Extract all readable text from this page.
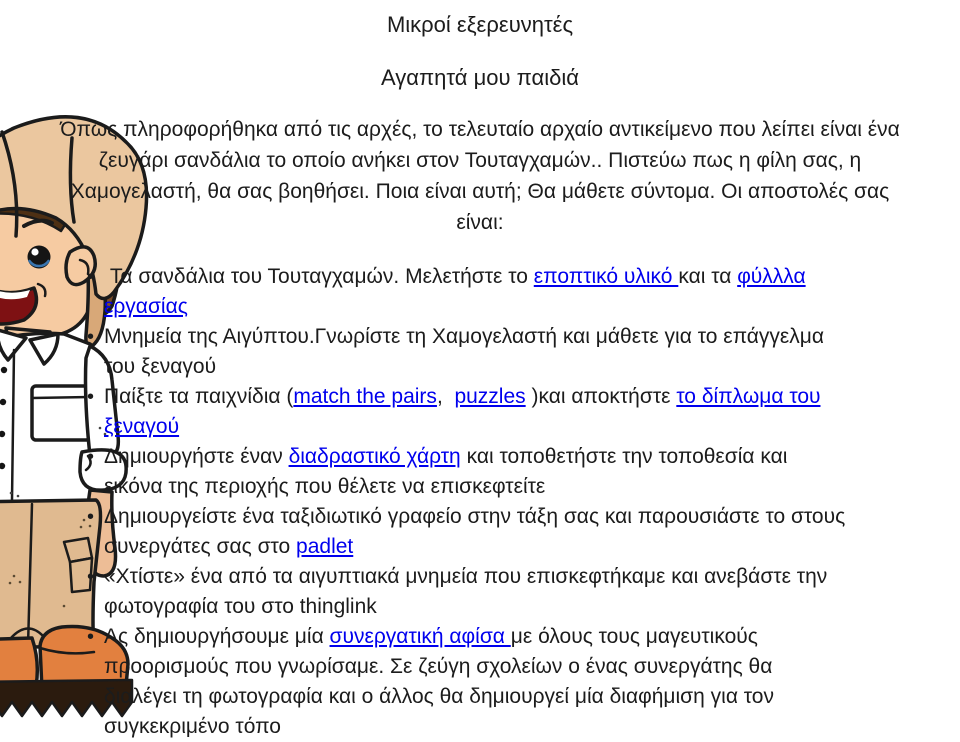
Μικροί εξερευνητές
Αγαπητά μου παιδιά

Όπως πληροφορήθηκα από τις αρχές, το τελευταίο αρχαίο αντικείμενο που λείπει είναι ένα ζευγάρι σανδάλια το οποίο ανήκει στον Τουταγχαμών.. Πιστεύω πως η φίλη σας, η Χαμογελαστή, θα σας βοηθήσει. Ποια είναι αυτή; Θα μάθετε σύντομα. Οι αποστολές σας είναι:

•  Τα σανδάλια του Τουταγχαμών. Μελετήστε το εποπτικό υλικό και τα φύλλλα εργασίας
• Μνημεία της Αιγύπτου.Γνωρίστε τη Χαμογελαστή και μάθετε για το επάγγελμα του ξεναγού
• Παίξτε τα παιχνίδια (match the pairs,  puzzles )και αποκτήστε το δίπλωμα του ξεναγού
• Δημιουργήστε έναν διαδραστικό χάρτη και τοποθετήστε την τοποθεσία και εικόνα της περιοχής που θέλετε να επισκεφτείτε
• Δημιουργείστε ένα ταξιδιωτικό γραφείο στην τάξη σας και παρουσιάστε το στους συνεργάτες σας στο padlet
• «Χτίστε» ένα από τα αιγυπτιακά μνημεία που επισκεφτήκαμε και ανεβάστε την φωτογραφία του στο thinglink
• Ας δημιουργήσουμε μία συνεργατική αφίσα με όλους τους μαγευτικούς προορισμούς που γνωρίσαμε. Σε ζεύγη σχολείων ο ένας συνεργάτης θα διαλέγει τη φωτογραφία και ο άλλος θα δημιουργεί μία διαφήμιση για τον συγκεκριμένο τόπο
